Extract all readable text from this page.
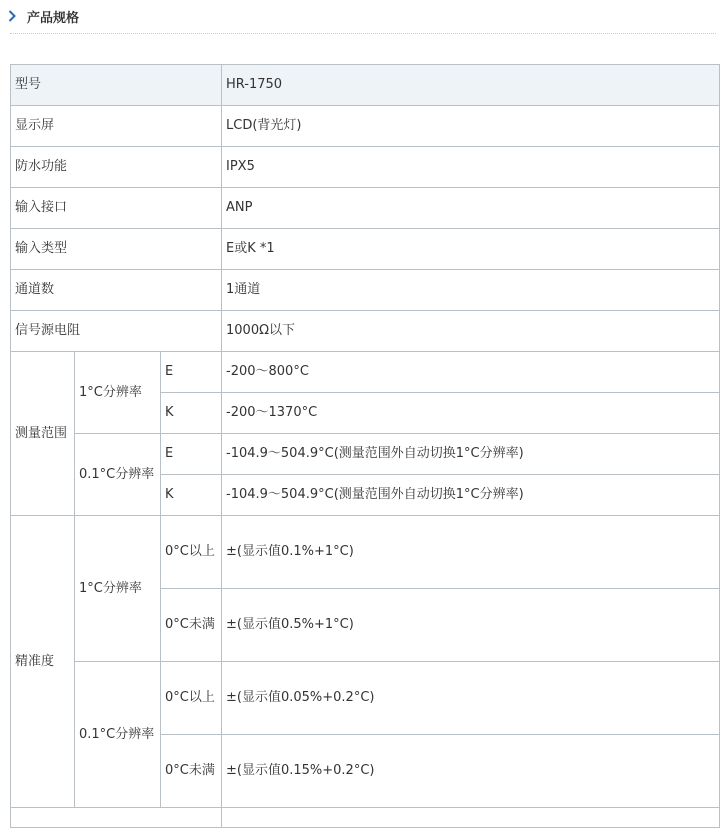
产品规格
型号			HR-1750
显示屏			LCD(背光灯)
防水功能			IPX5
输入接口			ANP
输入类型			E或K *1
通道数			1通道
信号源电阻			1000Ω以下
测量范围	1°C分辨率	E	-200～800°C
		K	-200～1370°C
	0.1°C分辨率	E	-104.9～504.9°C(测量范围外自动切换1°C分辨率)
		K	-104.9～504.9°C(测量范围外自动切换1°C分辨率)
精准度	1°C分辨率	0°C以上	±(显示值0.1%+1°C)
		0°C未满	±(显示值0.5%+1°C)
	0.1°C分辨率	0°C以上	±(显示值0.05%+0.2°C)
		0°C未满	±(显示值0.15%+0.2°C)
